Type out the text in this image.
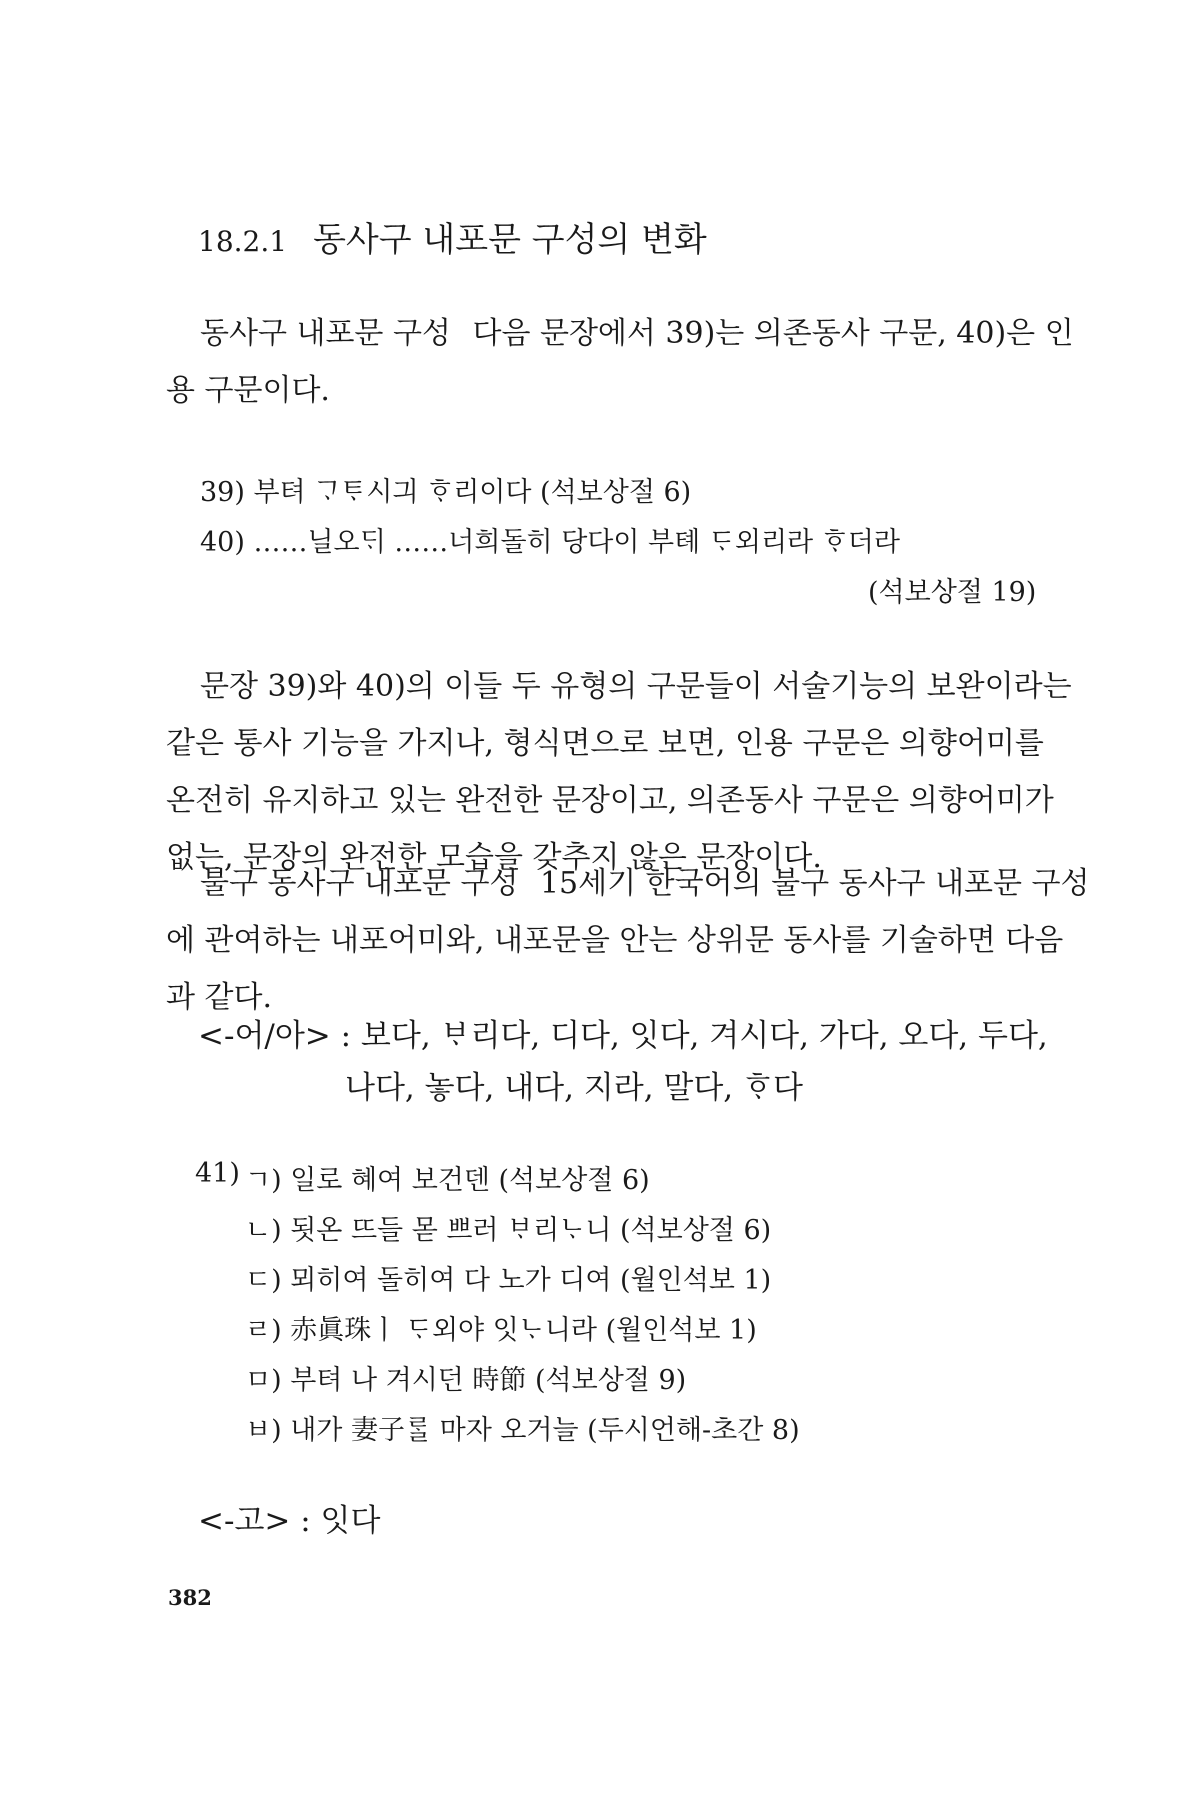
18.2.1 동사구 내포문 구성의 변화
동사구 내포문 구성 다음 문장에서 39)는 의존동사 구문, 40)은 인
용 구문이다.
39) 부텨 ᄀᆞᄐᆞ시긔 ᄒᆞ리이다 (석보상절 6)
40) ……닐오ᄃᆡ ……너희돌히 당다이 부톄 ᄃᆞ외리라 ᄒᆞ더라
(석보상절 19)
문장 39)와 40)의 이들 두 유형의 구문들이 서술기능의 보완이라는
같은 통사 기능을 가지나, 형식면으로 보면, 인용 구문은 의향어미를
온전히 유지하고 있는 완전한 문장이고, 의존동사 구문은 의향어미가
없는, 문장의 완전한 모습을 갖추지 않은 문장이다.
불구 동사구 내포문 구성 15세기 한국어의 불구 동사구 내포문 구성
에 관여하는 내포어미와, 내포문을 안는 상위문 동사를 기술하면 다음
과 같다.
<-어/아> : 보다, ᄇᆞ리다, 디다, 잇다, 겨시다, 가다, 오다, 두다,
나다, 놓다, 내다, 지라, 말다, ᄒᆞ다
41) ㄱ) 일로 혜여 보건덴 (석보상절 6)
ㄴ) 됫온 뜨들 몯 쁘러 ᄇᆞ리ᄂᆞ니 (석보상절 6)
ㄷ) 뫼히여 돌히여 다 노가 디여 (월인석보 1)
ㄹ) 赤眞珠ㅣ ᄃᆞ외야 잇ᄂᆞ니라 (월인석보 1)
ㅁ) 부텨 나 겨시던 時節 (석보상절 9)
ㅂ) 내가 妻子ᄅᆞᆯ 마자 오거늘 (두시언해-초간 8)
<-고> : 잇다
382
